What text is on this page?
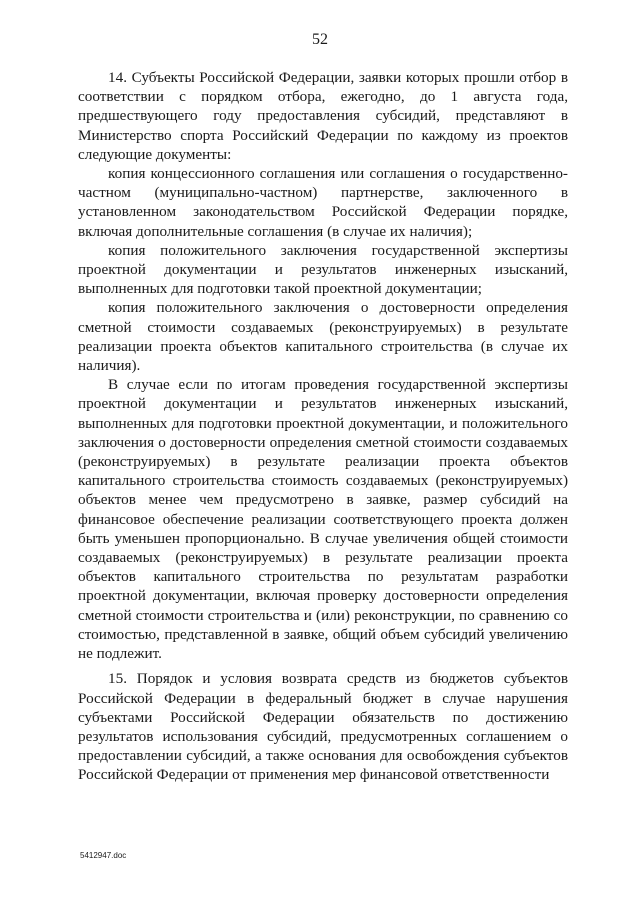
52

14. Субъекты Российской Федерации, заявки которых прошли отбор в соответствии с порядком отбора, ежегодно, до 1 августа года, предшествующего году предоставления субсидий, представляют в Министерство спорта Российский Федерации по каждому из проектов следующие документы:

копия концессионного соглашения или соглашения о государственно-частном (муниципально-частном) партнерстве, заключенного в установленном законодательством Российской Федерации порядке, включая дополнительные соглашения (в случае их наличия);

копия положительного заключения государственной экспертизы проектной документации и результатов инженерных изысканий, выполненных для подготовки такой проектной документации;

копия положительного заключения о достоверности определения сметной стоимости создаваемых (реконструируемых) в результате реализации проекта объектов капитального строительства (в случае их наличия).

В случае если по итогам проведения государственной экспертизы проектной документации и результатов инженерных изысканий, выполненных для подготовки проектной документации, и положительного заключения о достоверности определения сметной стоимости создаваемых (реконструируемых) в результате реализации проекта объектов капитального строительства стоимость создаваемых (реконструируемых) объектов менее чем предусмотрено в заявке, размер субсидий на финансовое обеспечение реализации соответствующего проекта должен быть уменьшен пропорционально. В случае увеличения общей стоимости создаваемых (реконструируемых) в результате реализации проекта объектов капитального строительства по результатам разработки проектной документации, включая проверку достоверности определения сметной стоимости строительства и (или) реконструкции, по сравнению со стоимостью, представленной в заявке, общий объем субсидий увеличению не подлежит.

15. Порядок и условия возврата средств из бюджетов субъектов Российской Федерации в федеральный бюджет в случае нарушения субъектами Российской Федерации обязательств по достижению результатов использования субсидий, предусмотренных соглашением о предоставлении субсидий, а также основания для освобождения субъектов Российской Федерации от применения мер финансовой ответственности

5412947.doc
